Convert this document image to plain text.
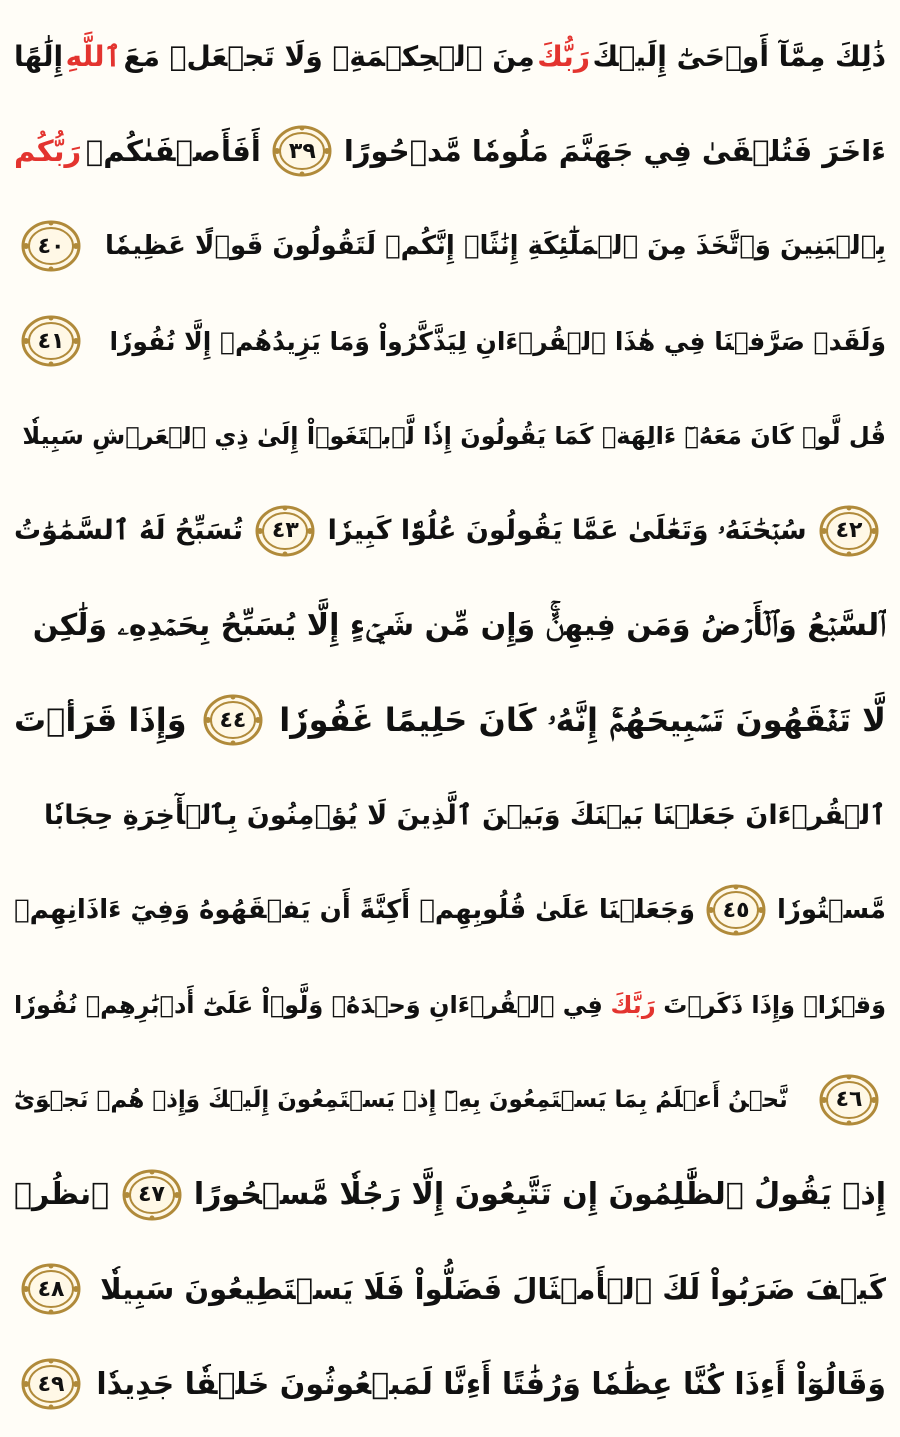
ذَٰلِكَ مِمَّآ أَوۡحَىٰٓ إِلَيۡكَ
رَبُّكَ
مِنَ ٱلۡحِكۡمَةِۗ وَلَا تَجۡعَلۡ مَعَ
ٱللَّهِ
إِلَٰهًا
ءَاخَرَ فَتُلۡقَىٰ فِي جَهَنَّمَ مَلُومٗا مَّدۡحُورًا
٣٩
أَفَأَصۡفَىٰكُمۡ
رَبُّكُم
بِٱلۡبَنِينَ وَٱتَّخَذَ مِنَ ٱلۡمَلَٰٓئِكَةِ إِنَٰثًاۚ إِنَّكُمۡ لَتَقُولُونَ قَوۡلًا عَظِيمٗا
٤٠
وَلَقَدۡ صَرَّفۡنَا فِي هَٰذَا ٱلۡقُرۡءَانِ لِيَذَّكَّرُواْ وَمَا يَزِيدُهُمۡ إِلَّا نُفُورٗا
٤١
قُل لَّوۡ كَانَ مَعَهُۥٓ ءَالِهَةٞ كَمَا يَقُولُونَ إِذٗا لَّٱبۡتَغَوۡاْ إِلَىٰ ذِي ٱلۡعَرۡشِ سَبِيلٗا
٤٢
سُبۡحَٰنَهُۥ وَتَعَٰلَىٰ عَمَّا يَقُولُونَ عُلُوّٗا كَبِيرٗا
٤٣
تُسَبِّحُ لَهُ ٱلسَّمَٰوَٰتُ
ٱلسَّبۡعُ وَٱلۡأَرۡضُ وَمَن فِيهِنَّۚ وَإِن مِّن شَيۡءٍ إِلَّا يُسَبِّحُ بِحَمۡدِهِۦ وَلَٰكِن
لَّا تَفۡقَهُونَ تَسۡبِيحَهُمۡۚ إِنَّهُۥ كَانَ حَلِيمًا غَفُورٗا
٤٤
وَإِذَا قَرَأۡتَ
ٱلۡقُرۡءَانَ جَعَلۡنَا بَيۡنَكَ وَبَيۡنَ ٱلَّذِينَ لَا يُؤۡمِنُونَ بِٱلۡأٓخِرَةِ حِجَابٗا
مَّسۡتُورٗا
٤٥
وَجَعَلۡنَا عَلَىٰ قُلُوبِهِمۡ أَكِنَّةً أَن يَفۡقَهُوهُ وَفِيٓ ءَاذَانِهِمۡ
وَقۡرٗاۚ وَإِذَا ذَكَرۡتَ
رَبَّكَ
فِي ٱلۡقُرۡءَانِ وَحۡدَهُۥ وَلَّوۡاْ عَلَىٰٓ أَدۡبَٰرِهِمۡ نُفُورٗا
٤٦
نَّحۡنُ أَعۡلَمُ بِمَا يَسۡتَمِعُونَ بِهِۦٓ إِذۡ يَسۡتَمِعُونَ إِلَيۡكَ وَإِذۡ هُمۡ نَجۡوَىٰٓ
إِذۡ يَقُولُ ٱلظَّٰلِمُونَ إِن تَتَّبِعُونَ إِلَّا رَجُلٗا مَّسۡحُورًا
٤٧
ٱنظُرۡ
كَيۡفَ ضَرَبُواْ لَكَ ٱلۡأَمۡثَالَ فَضَلُّواْ فَلَا يَسۡتَطِيعُونَ سَبِيلٗا
٤٨
وَقَالُوٓاْ أَءِذَا كُنَّا عِظَٰمٗا وَرُفَٰتًا أَءِنَّا لَمَبۡعُوثُونَ خَلۡقٗا جَدِيدٗا
٤٩
